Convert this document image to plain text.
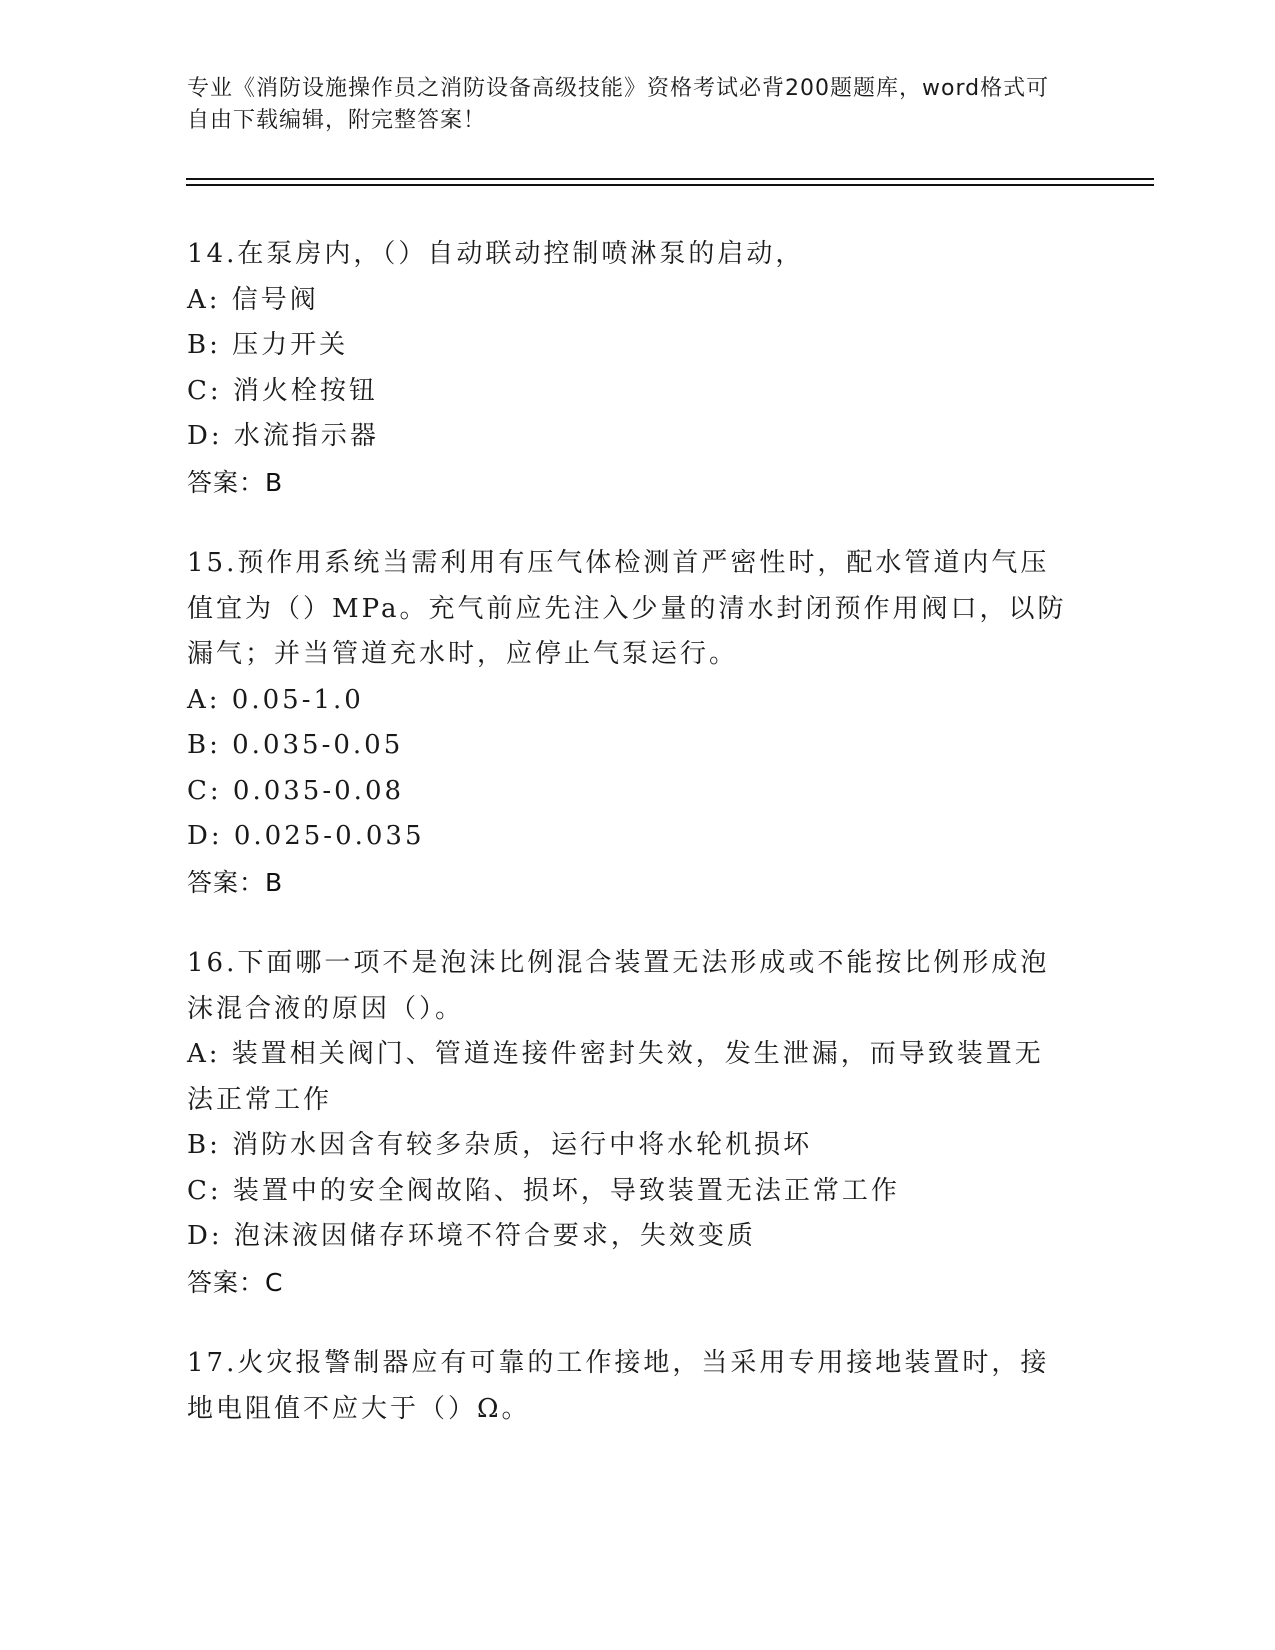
专业《消防设施操作员之消防设备高级技能》资格考试必背200题题库，word格式可自由下载编辑，附完整答案！
14.在泵房内，（）自动联动控制喷淋泵的启动，
A: 信号阀
B: 压力开关
C: 消火栓按钮
D: 水流指示器
答案：B
15.预作用系统当需利用有压气体检测首严密性时，配水管道内气压值宜为（）MPa。充气前应先注入少量的清水封闭预作用阀口，以防漏气；并当管道充水时，应停止气泵运行。
A: 0.05-1.0
B: 0.035-0.05
C: 0.035-0.08
D: 0.025-0.035
答案：B
16.下面哪一项不是泡沫比例混合装置无法形成或不能按比例形成泡沫混合液的原因（）。
A: 装置相关阀门、管道连接件密封失效，发生泄漏，而导致装置无法正常工作
B: 消防水因含有较多杂质，运行中将水轮机损坏
C: 装置中的安全阀故陷、损坏，导致装置无法正常工作
D: 泡沫液因储存环境不符合要求，失效变质
答案：C
17.火灾报警制器应有可靠的工作接地，当采用专用接地装置时，接地电阻值不应大于（）Ω。
